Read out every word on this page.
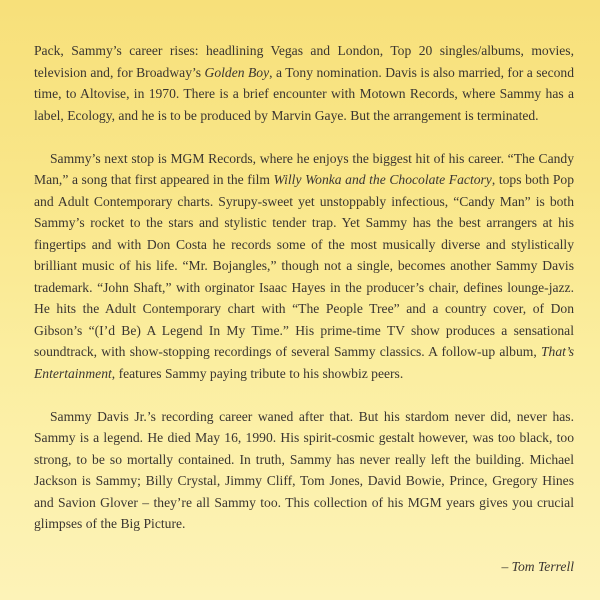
Pack, Sammy’s career rises: headlining Vegas and London, Top 20 singles/albums, movies, television and, for Broadway’s Golden Boy, a Tony nomination. Davis is also married, for a second time, to Altovise, in 1970. There is a brief encounter with Motown Records, where Sammy has a label, Ecology, and he is to be produced by Marvin Gaye. But the arrangement is terminated.

Sammy’s next stop is MGM Records, where he enjoys the biggest hit of his career. “The Candy Man,” a song that first appeared in the film Willy Wonka and the Chocolate Factory, tops both Pop and Adult Contemporary charts. Syrupy-sweet yet unstoppably infectious, “Candy Man” is both Sammy’s rocket to the stars and stylistic tender trap. Yet Sammy has the best arrangers at his fingertips and with Don Costa he records some of the most musically diverse and stylistically brilliant music of his life. “Mr. Bojangles,” though not a single, becomes another Sammy Davis trademark. “John Shaft,” with orginator Isaac Hayes in the producer’s chair, defines lounge-jazz. He hits the Adult Contemporary chart with “The People Tree” and a country cover, of Don Gibson’s “(I’d Be) A Legend In My Time.” His prime-time TV show produces a sensational soundtrack, with show-stopping recordings of several Sammy classics. A follow-up album, That’s Entertainment, features Sammy paying tribute to his showbiz peers.

Sammy Davis Jr.’s recording career waned after that. But his stardom never did, never has. Sammy is a legend. He died May 16, 1990. His spirit-cosmic gestalt however, was too black, too strong, to be so mortally contained. In truth, Sammy has never really left the building. Michael Jackson is Sammy; Billy Crystal, Jimmy Cliff, Tom Jones, David Bowie, Prince, Gregory Hines and Savion Glover – they’re all Sammy too. This collection of his MGM years gives you crucial glimpses of the Big Picture.

– Tom Terrell
